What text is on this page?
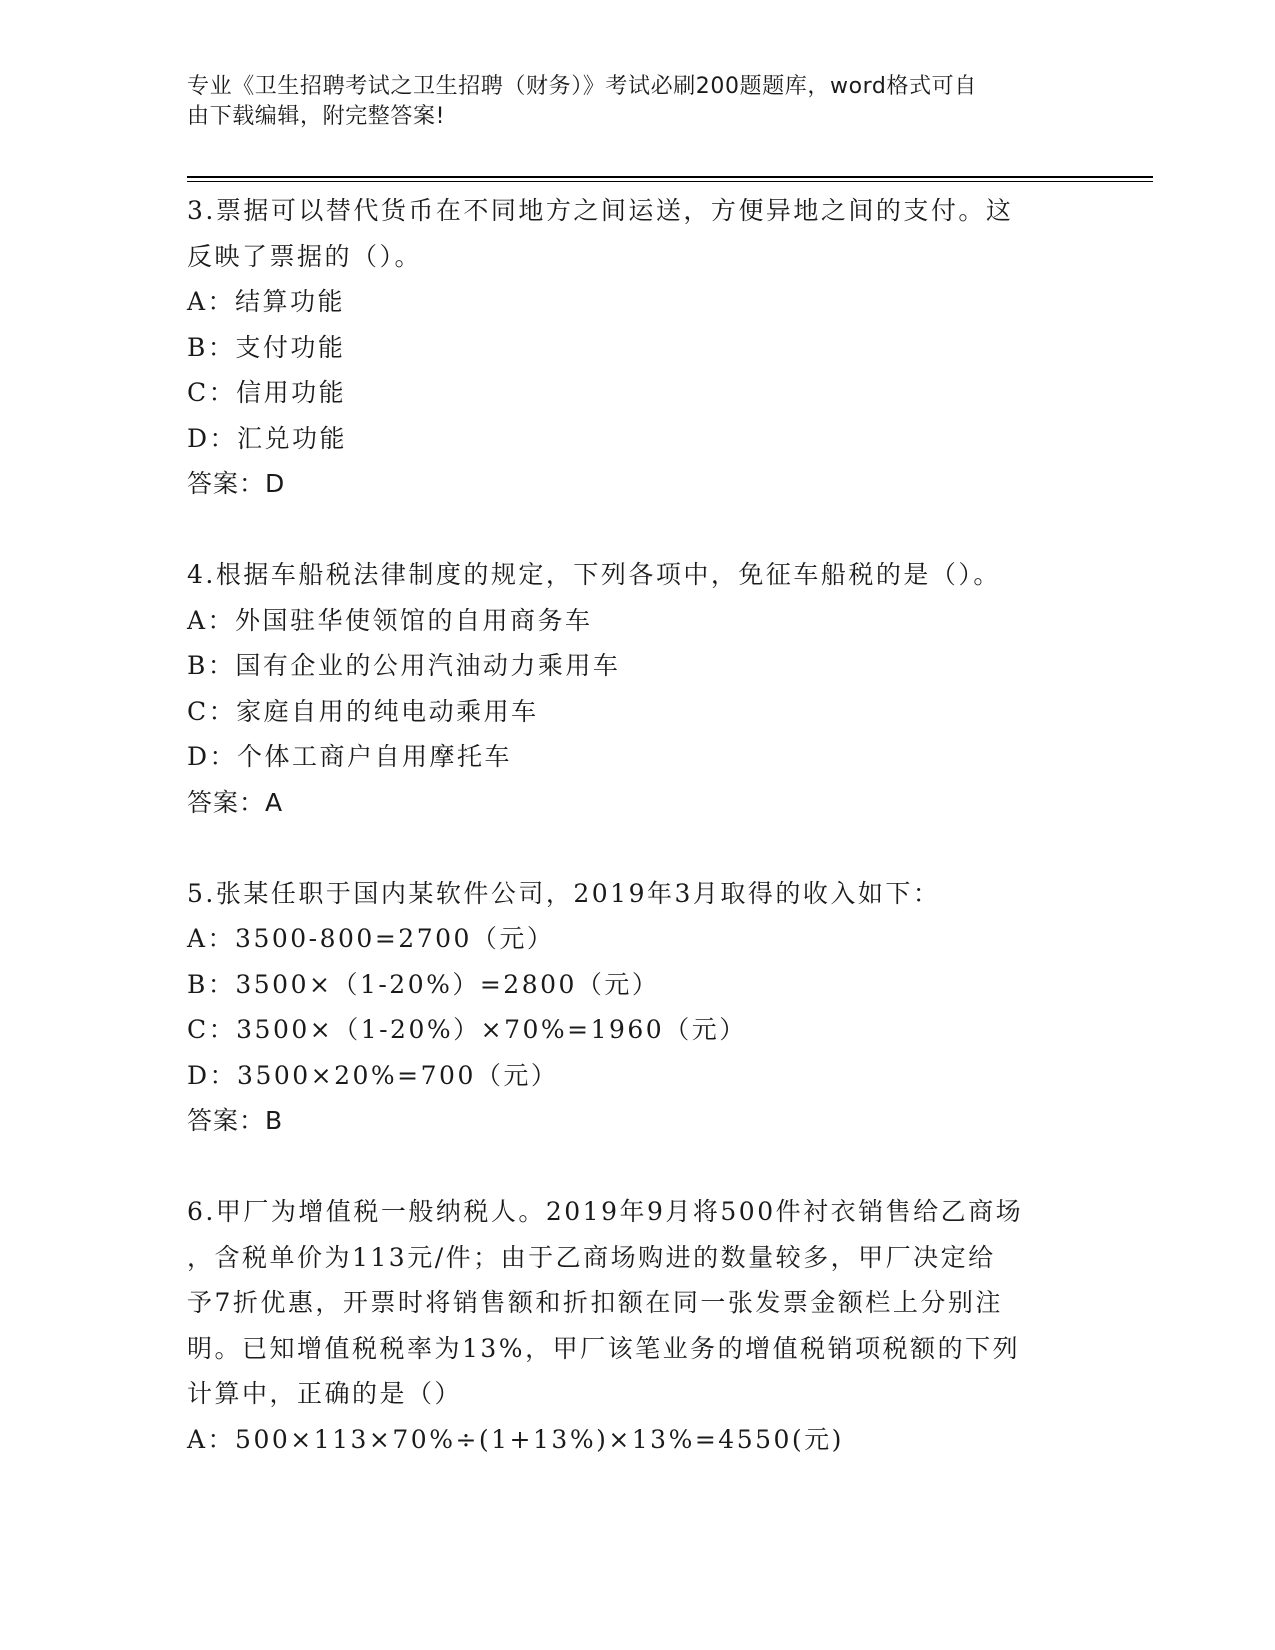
专业《卫生招聘考试之卫生招聘（财务）》考试必刷200题题库，word格式可自
由下载编辑，附完整答案!

3.票据可以替代货币在不同地方之间运送，方便异地之间的支付。这

反映了票据的（）。

A：结算功能

B：支付功能

C：信用功能

D：汇兑功能

答案：D

4.根据车船税法律制度的规定，下列各项中，免征车船税的是（）。

A：外国驻华使领馆的自用商务车

B：国有企业的公用汽油动力乘用车

C：家庭自用的纯电动乘用车

D：个体工商户自用摩托车

答案：A

5.张某任职于国内某软件公司，2019年3月取得的收入如下：

A：3500-800=2700（元）

B：3500×（1-20%）=2800（元）

C：3500×（1-20%）×70%=1960（元）

D：3500×20%=700（元）

答案：B

6.甲厂为增值税一般纳税人。2019年9月将500件衬衣销售给乙商场

，含税单价为113元/件；由于乙商场购进的数量较多，甲厂决定给

予7折优惠，开票时将销售额和折扣额在同一张发票金额栏上分别注

明。已知增值税税率为13%，甲厂该笔业务的增值税销项税额的下列

计算中，正确的是（）

A：500×113×70%÷(1+13%)×13%=4550(元)
